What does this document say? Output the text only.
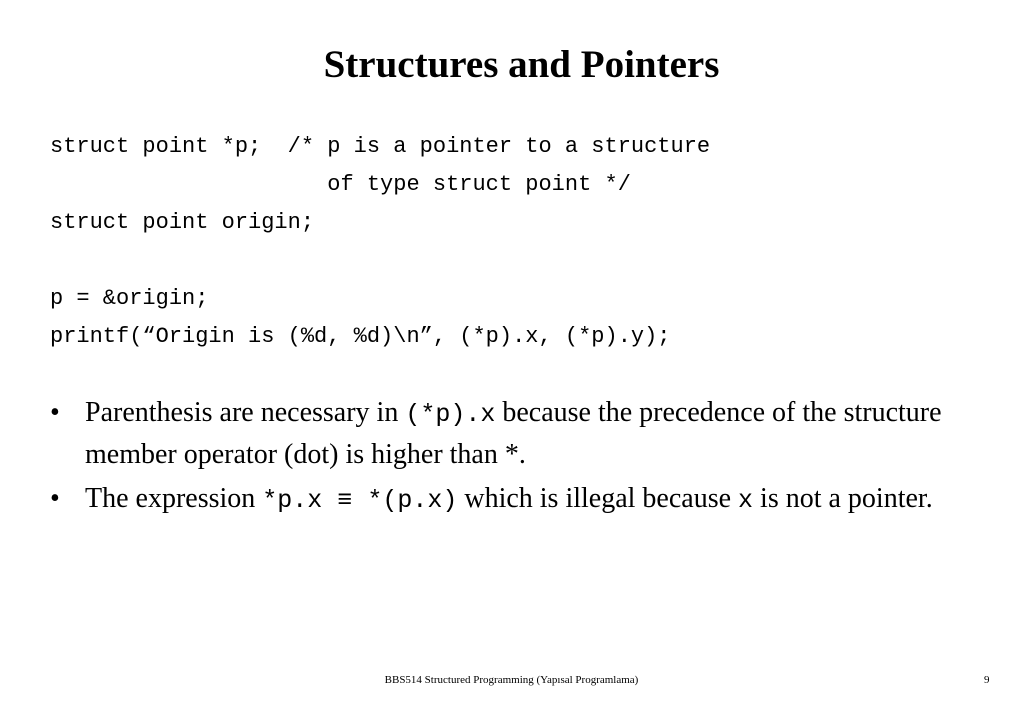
Structures and Pointers
struct point *p;  /* p is a pointer to a structure
of type struct point */
struct point origin;
p = &origin;
printf(“Origin is (%d, %d)\n”, (*p).x, (*p).y);
• Parenthesis are necessary in (*p).x because the precedence of the structure member operator (dot) is higher than *.
• The expression *p.x ≡ *(p.x) which is illegal because x is not a pointer.
BBS514 Structured Programming (Yapısal Programlama)	9
